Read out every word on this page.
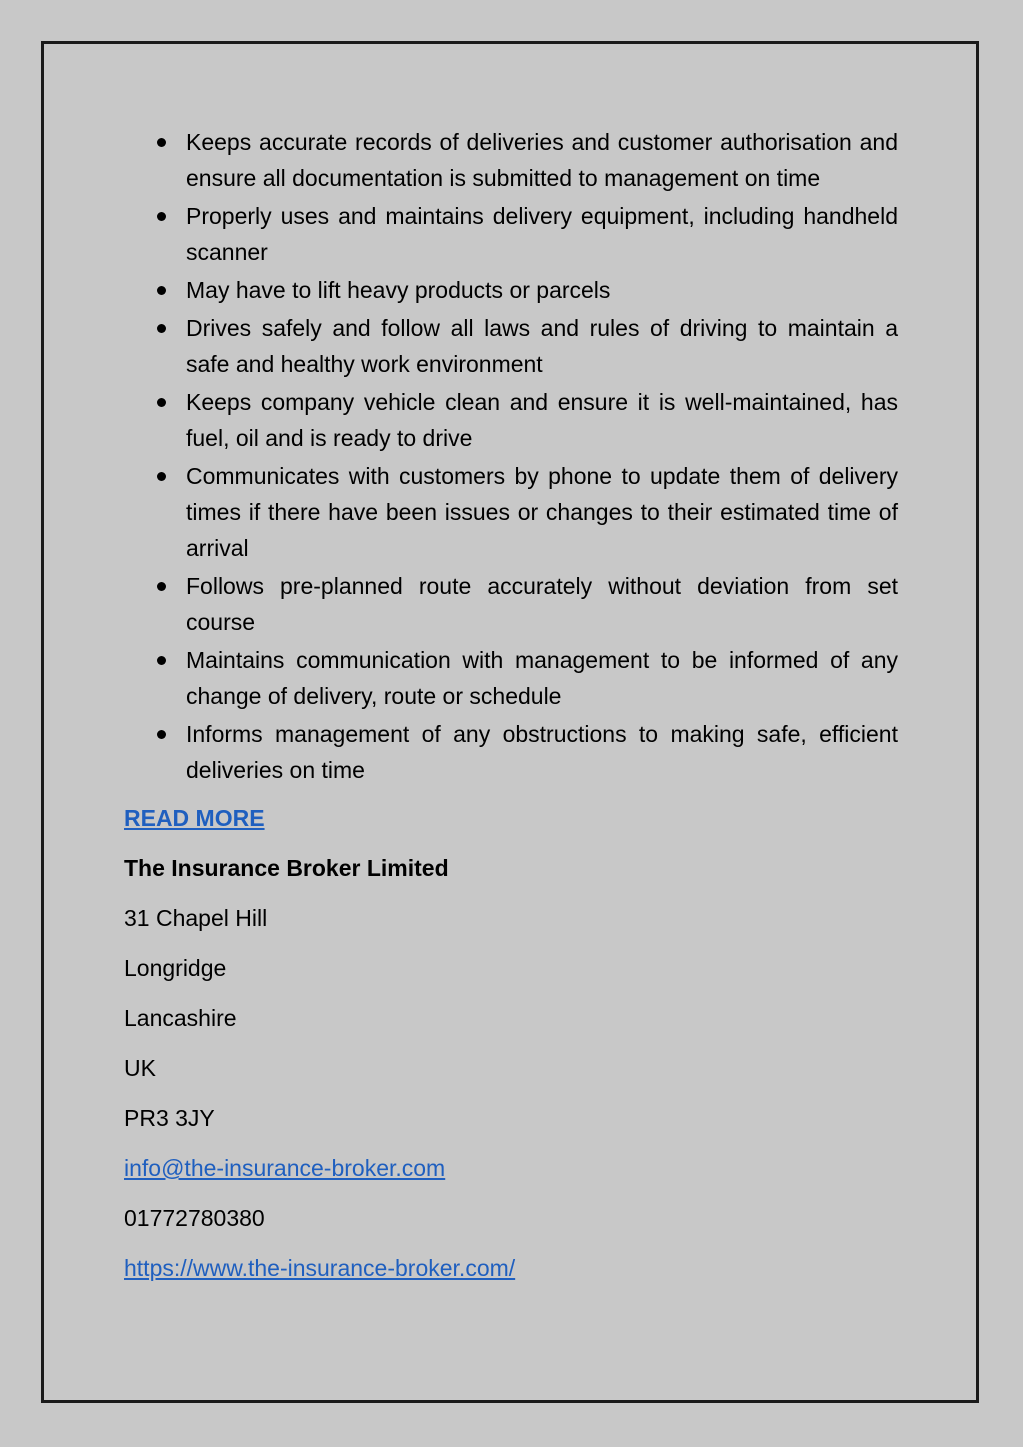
Keeps accurate records of deliveries and customer authorisation and ensure all documentation is submitted to management on time
Properly uses and maintains delivery equipment, including handheld scanner
May have to lift heavy products or parcels
Drives safely and follow all laws and rules of driving to maintain a safe and healthy work environment
Keeps company vehicle clean and ensure it is well-maintained, has fuel, oil and is ready to drive
Communicates with customers by phone to update them of delivery times if there have been issues or changes to their estimated time of arrival
Follows pre-planned route accurately without deviation from set course
Maintains communication with management to be informed of any change of delivery, route or schedule
Informs management of any obstructions to making safe, efficient deliveries on time
READ MORE
The Insurance Broker Limited
31 Chapel Hill
Longridge
Lancashire
UK
PR3 3JY
info@the-insurance-broker.com
01772780380
https://www.the-insurance-broker.com/
